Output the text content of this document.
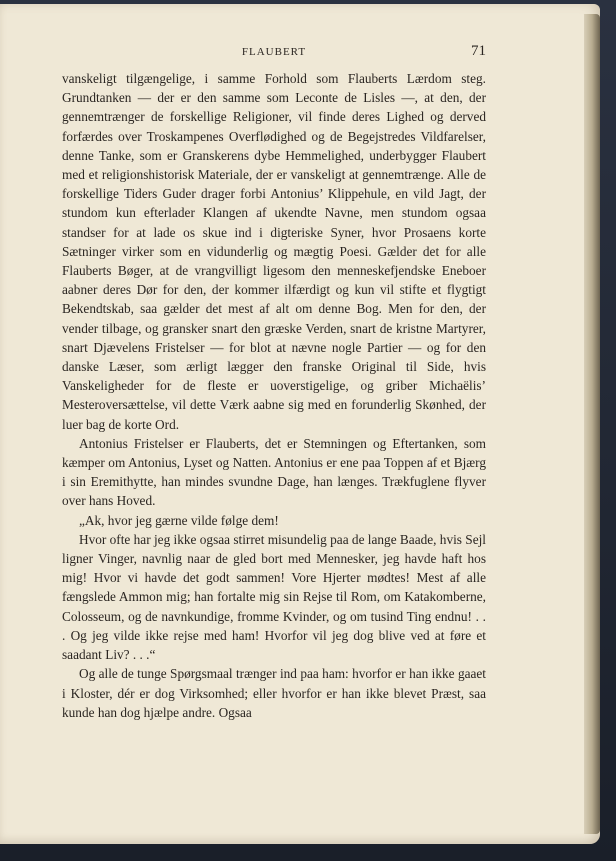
FLAUBERT	71

vanskeligt tilgængelige, i samme Forhold som Flauberts Lærdom steg. Grundtanken — der er den samme som Leconte de Lisles —, at den, der gennemtrænger de forskellige Religioner, vil finde deres Lighed og derved forfærdes over Troskampenes Overflødighed og de Begejstredes Vildfarelser, denne Tanke, som er Granskerens dybe Hemmelighed, underbygger Flaubert med et religionshistorisk Materiale, der er vanskeligt at gennemtrænge. Alle de forskellige Tiders Guder drager forbi Antonius’ Klippehule, en vild Jagt, der stundom kun efterlader Klangen af ukendte Navne, men stundom ogsaa standser for at lade os skue ind i digteriske Syner, hvor Prosaens korte Sætninger virker som en vidunderlig og mægtig Poesi. Gælder det for alle Flauberts Bøger, at de vrangvilligt ligesom den menneskefjendske Eneboer aabner deres Dør for den, der kommer ilfærdigt og kun vil stifte et flygtigt Bekendtskab, saa gælder det mest af alt om denne Bog. Men for den, der vender tilbage, og gransker snart den græske Verden, snart de kristne Martyrer, snart Djævelens Fristelser — for blot at nævne nogle Partier — og for den danske Læser, som ærligt lægger den franske Original til Side, hvis Vanskeligheder for de fleste er uoverstigelige, og griber Michaëlis’ Mesteroversættelse, vil dette Værk aabne sig med en forunderlig Skønhed, der luer bag de korte Ord.

Antonius Fristelser er Flauberts, det er Stemningen og Eftertanken, som kæmper om Antonius, Lyset og Natten. Antonius er ene paa Toppen af et Bjærg i sin Eremithytte, han mindes svundne Dage, han længes. Trækfuglene flyver over hans Hoved.

„Ak, hvor jeg gærne vilde følge dem!

Hvor ofte har jeg ikke ogsaa stirret misundelig paa de lange Baade, hvis Sejl ligner Vinger, navnlig naar de gled bort med Mennesker, jeg havde haft hos mig! Hvor vi havde det godt sammen! Vore Hjerter mødtes! Mest af alle fængslede Ammon mig; han fortalte mig sin Rejse til Rom, om Katakomberne, Colosseum, og de navnkundige, fromme Kvinder, og om tusind Ting endnu! . . . Og jeg vilde ikke rejse med ham! Hvorfor vil jeg dog blive ved at føre et saadant Liv? . . .“

Og alle de tunge Spørgsmaal trænger ind paa ham: hvorfor er han ikke gaaet i Kloster, dér er dog Virksomhed; eller hvorfor er han ikke blevet Præst, saa kunde han dog hjælpe andre. Ogsaa
